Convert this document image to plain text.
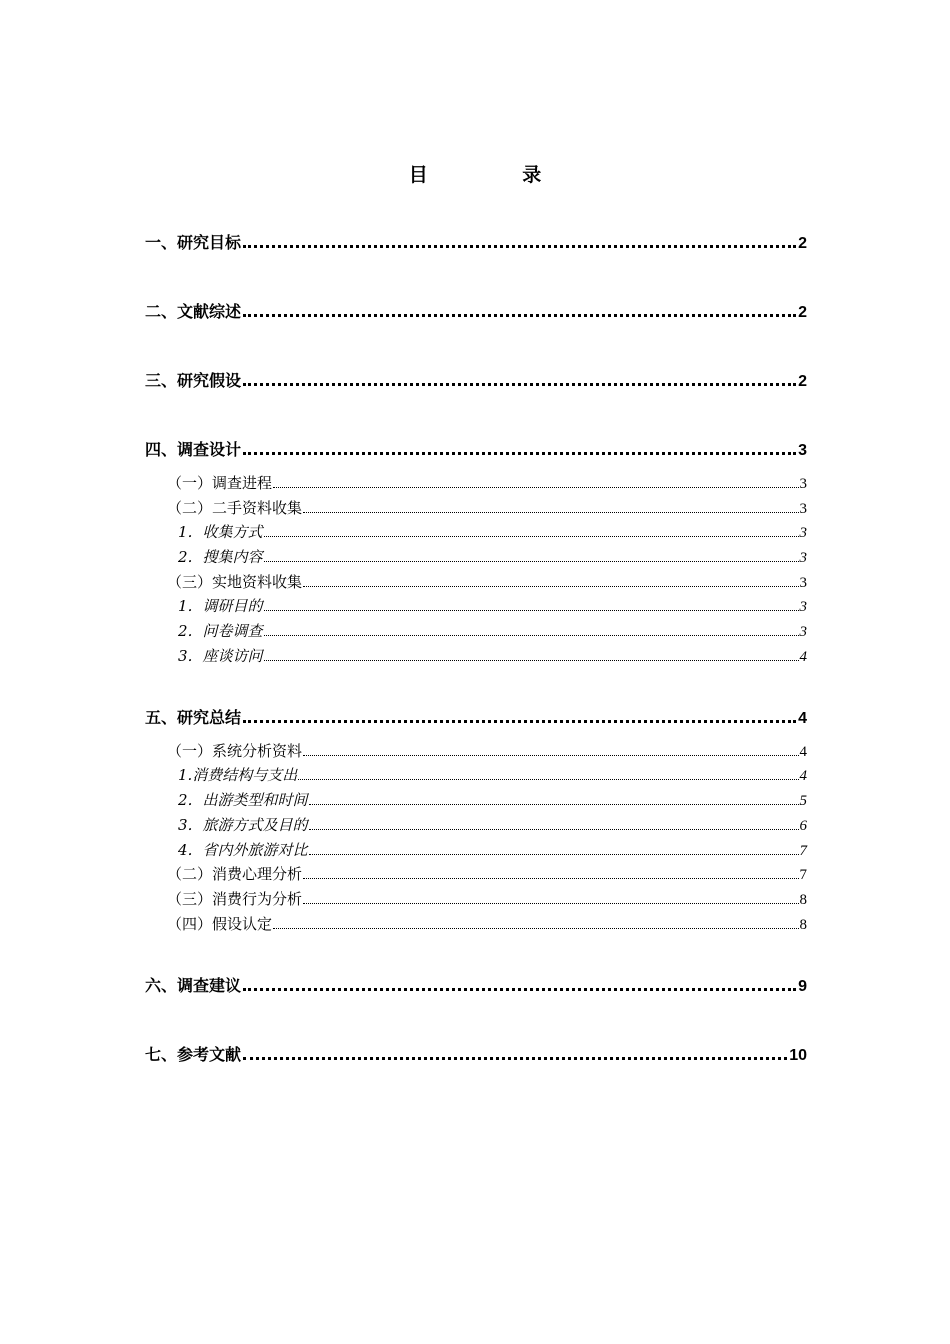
目 录
一、研究目标	2
二、文献综述	2
三、研究假设	2
四、调查设计	3
（一）调查进程	3
（二）二手资料收集	3
1．收集方式	3
2．搜集内容	3
（三）实地资料收集	3
1．调研目的	3
2．问卷调查	3
3．座谈访问	4
五、研究总结	4
（一）系统分析资料	4
1.消费结构与支出	4
2．出游类型和时间	5
3．旅游方式及目的	6
4．省内外旅游对比	7
（二）消费心理分析	7
（三）消费行为分析	8
（四）假设认定	8
六、调查建议	9
七、参考文献	10
